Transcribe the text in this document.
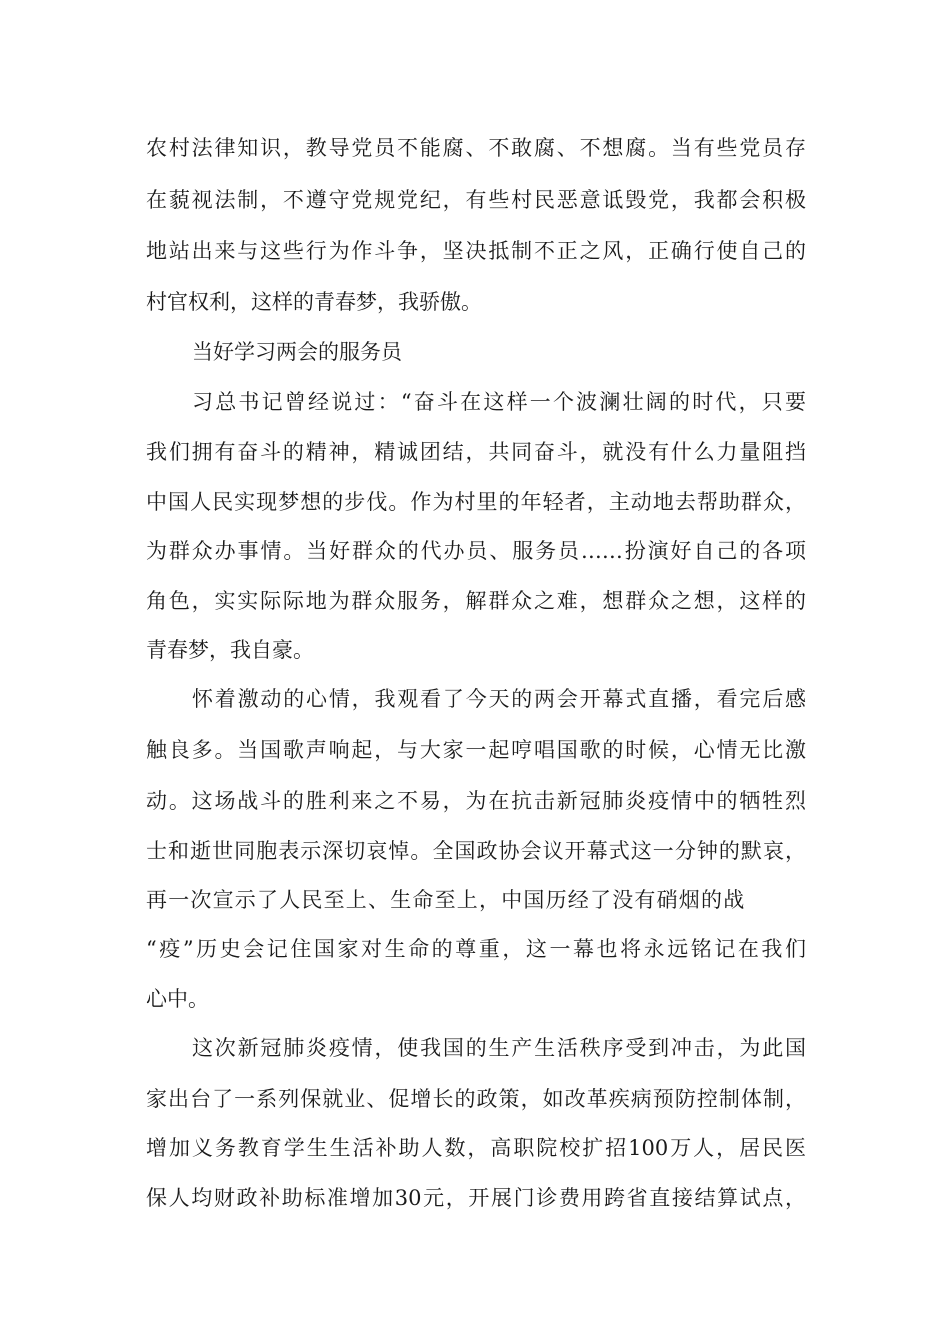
农村法律知识，教导党员不能腐、不敢腐、不想腐。当有些党员存
在藐视法制，不遵守党规党纪，有些村民恶意诋毁党，我都会积极
地站出来与这些行为作斗争，坚决抵制不正之风，正确行使自己的
村官权利，这样的青春梦，我骄傲。
当好学习两会的服务员
习总书记曾经说过：“奋斗在这样一个波澜壮阔的时代，只要
我们拥有奋斗的精神，精诚团结，共同奋斗，就没有什么力量阻挡
中国人民实现梦想的步伐。作为村里的年轻者，主动地去帮助群众，
为群众办事情。当好群众的代办员、服务员……扮演好自己的各项
角色，实实际际地为群众服务，解群众之难，想群众之想，这样的
青春梦，我自豪。
怀着激动的心情，我观看了今天的两会开幕式直播，看完后感
触良多。当国歌声响起，与大家一起哼唱国歌的时候，心情无比激
动。这场战斗的胜利来之不易，为在抗击新冠肺炎疫情中的牺牲烈
士和逝世同胞表示深切哀悼。全国政协会议开幕式这一分钟的默哀，
再一次宣示了人民至上、生命至上，中国历经了没有硝烟的战
“疫”历史会记住国家对生命的尊重，这一幕也将永远铭记在我们
心中。
这次新冠肺炎疫情，使我国的生产生活秩序受到冲击，为此国
家出台了一系列保就业、促增长的政策，如改革疾病预防控制体制，
增加义务教育学生生活补助人数，高职院校扩招100万人，居民医
保人均财政补助标准增加30元，开展门诊费用跨省直接结算试点，
